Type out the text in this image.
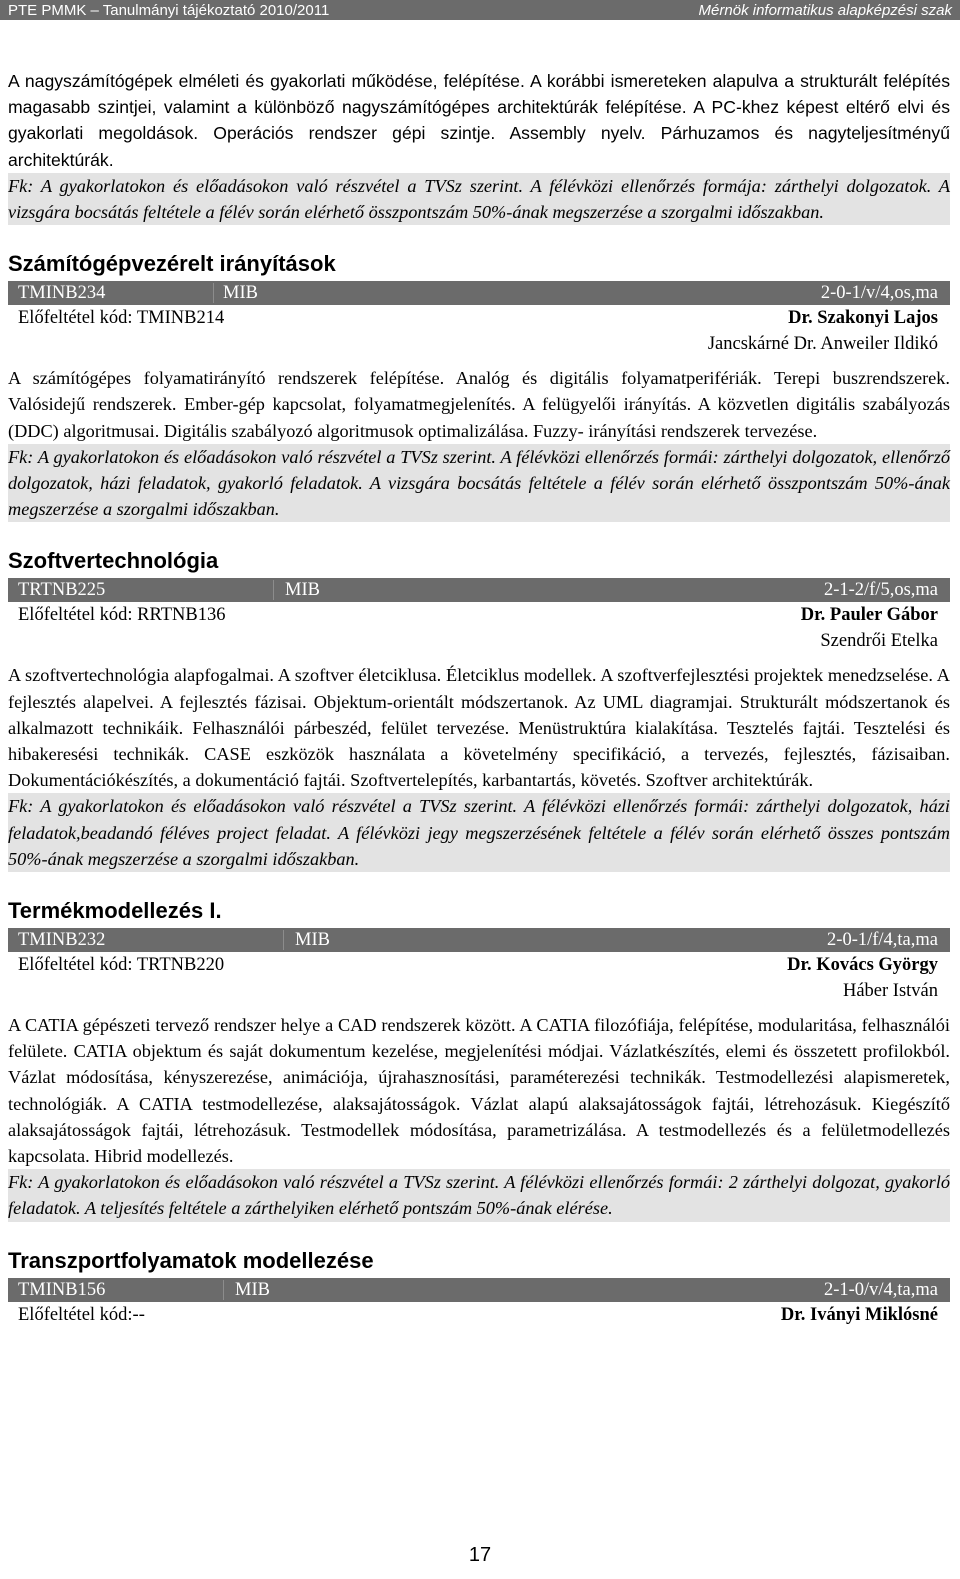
PTE PMMK – Tanulmányi tájékoztató 2010/2011	Mérnök informatikus alapképzési szak

A nagyszámítógépek elméleti és gyakorlati működése, felépítése. A korábbi ismereteken alapulva a strukturált felépítés magasabb szintjei, valamint a különböző nagyszámítógépes architektúrák felépítése. A PC-khez képest eltérő elvi és gyakorlati megoldások. Operációs rendszer gépi szintje. Assembly nyelv. Párhuzamos és nagyteljesítményű architektúrák.

Fk: A gyakorlatokon és előadásokon való részvétel a TVSz szerint. A félévközi ellenőrzés formája: zárthelyi dolgozatok. A vizsgára bocsátás feltétele a félév során elérhető összpontszám 50%-ának megszerzése a szorgalmi időszakban.

Számítógépvezérelt irányítások
TMINB234	MIB	2-0-1/v/4,os,ma
Előfeltétel kód: TMINB214	Dr. Szakonyi Lajos
Jancskárné Dr. Anweiler Ildikó

A számítógépes folyamatirányító rendszerek felépítése. Analóg és digitális folyamatperifériák. Terepi buszrendszerek. Valósidejű rendszerek. Ember-gép kapcsolat, folyamatmegjelenítés. A felügyelői irányítás. A közvetlen digitális szabályozás (DDC) algoritmusai. Digitális szabályozó algoritmusok optimalizálása. Fuzzy- irányítási rendszerek tervezése.

Fk: A gyakorlatokon és előadásokon való részvétel a TVSz szerint. A félévközi ellenőrzés formái: zárthelyi dolgozatok, ellenőrző dolgozatok, házi feladatok, gyakorló feladatok. A vizsgára bocsátás feltétele a félév során elérhető összpontszám 50%-ának megszerzése a szorgalmi időszakban.

Szoftvertechnológia
TRTNB225	MIB	2-1-2/f/5,os,ma
Előfeltétel kód: RRTNB136	Dr. Pauler Gábor
Szendrői Etelka

A szoftvertechnológia alapfogalmai. A szoftver életciklusa. Életciklus modellek. A szoftverfejlesztési projektek menedzselése. A fejlesztés alapelvei. A fejlesztés fázisai. Objektum-orientált módszertanok. Az UML diagramjai. Strukturált módszertanok és alkalmazott technikáik. Felhasználói párbeszéd, felület tervezése. Menüstruktúra kialakítása. Tesztelés fajtái. Tesztelési és hibakeresési technikák. CASE eszközök használata a követelmény specifikáció, a tervezés, fejlesztés, fázisaiban. Dokumentációkészítés, a dokumentáció fajtái. Szoftvertelepítés, karbantartás, követés. Szoftver architektúrák.

Fk: A gyakorlatokon és előadásokon való részvétel a TVSz szerint. A félévközi ellenőrzés formái: zárthelyi dolgozatok, házi feladatok,beadandó féléves project feladat. A félévközi jegy megszerzésének feltétele a félév során elérhető összes pontszám 50%-ának megszerzése a szorgalmi időszakban.

Termékmodellezés I.
TMINB232	MIB	2-0-1/f/4,ta,ma
Előfeltétel kód: TRTNB220	Dr. Kovács György
Háber István

A CATIA gépészeti tervező rendszer helye a CAD rendszerek között. A CATIA filozófiája, felépítése, modularitása, felhasználói felülete. CATIA objektum és saját dokumentum kezelése, megjelenítési módjai. Vázlatkészítés, elemi és összetett profilokból. Vázlat módosítása, kényszerezése, animációja, újrahasznosítási, paraméterezési technikák. Testmodellezési alapismeretek, technológiák. A CATIA testmodellezése, alaksajátosságok. Vázlat alapú alaksajátosságok fajtái, létrehozásuk. Kiegészítő alaksajátosságok fajtái, létrehozásuk. Testmodellek módosítása, parametrizálása. A testmodellezés és a felületmodellezés kapcsolata. Hibrid modellezés.

Fk: A gyakorlatokon és előadásokon való részvétel a TVSz szerint. A félévközi ellenőrzés formái: 2 zárthelyi dolgozat, gyakorló feladatok. A teljesítés feltétele a zárthelyiken elérhető pontszám 50%-ának elérése.

Transzportfolyamatok modellezése
TMINB156	MIB	2-1-0/v/4,ta,ma
Előfeltétel kód:--	Dr. Iványi Miklósné
17
